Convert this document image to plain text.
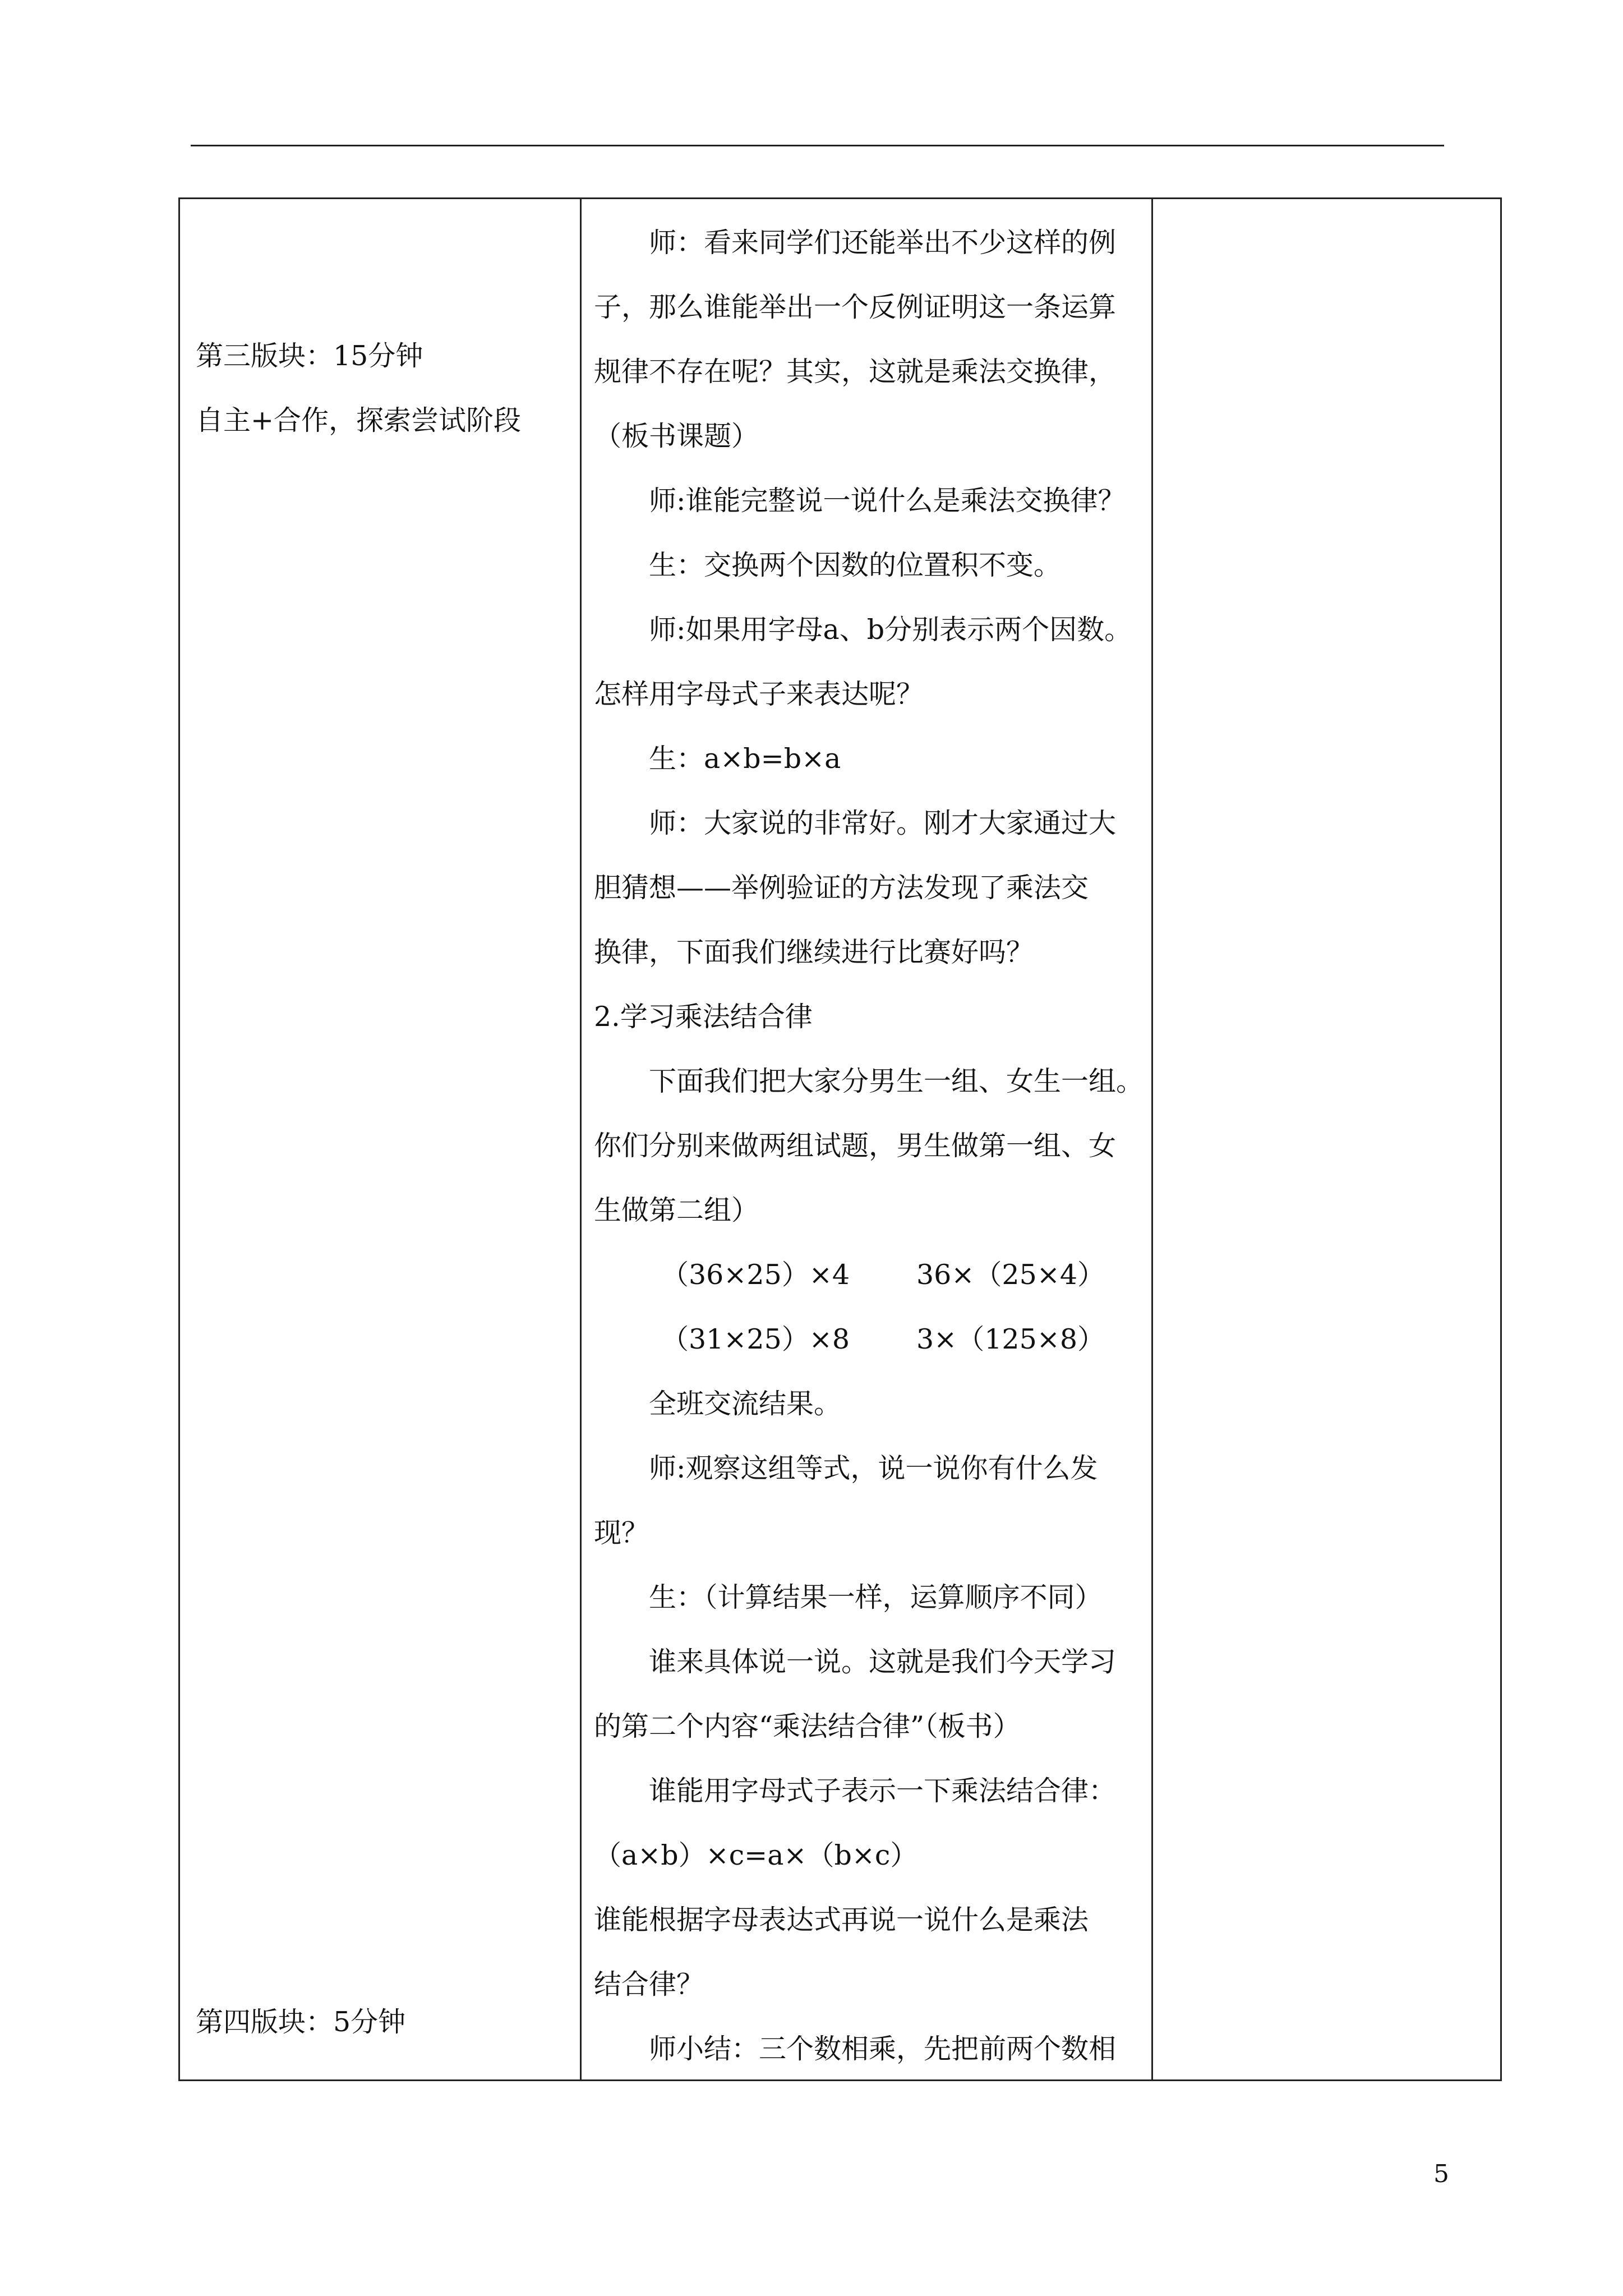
第三版块：15分钟
自主+合作，探索尝试阶段
第四版块：5分钟
师：看来同学们还能举出不少这样的例
子，那么谁能举出一个反例证明这一条运算
规律不存在呢？其实，这就是乘法交换律，
（板书课题）
师:谁能完整说一说什么是乘法交换律？
生：交换两个因数的位置积不变。
师:如果用字母a、b分别表示两个因数。
怎样用字母式子来表达呢？
生：a×b=b×a
师：大家说的非常好。刚才大家通过大
胆猜想——举例验证的方法发现了乘法交
换律，下面我们继续进行比赛好吗？
2.学习乘法结合律
下面我们把大家分男生一组、女生一组。
你们分别来做两组试题，男生做第一组、女
生做第二组）
（36×25）×4 36×（25×4）
（31×25）×8 3×（125×8）
全班交流结果。
师:观察这组等式，说一说你有什么发
现？
生：（计算结果一样，运算顺序不同）
谁来具体说一说。这就是我们今天学习
的第二个内容“乘法结合律”（板书）
谁能用字母式子表示一下乘法结合律：
（a×b）×c=a×（b×c）
谁能根据字母表达式再说一说什么是乘法
结合律？
师小结：三个数相乘，先把前两个数相
5
